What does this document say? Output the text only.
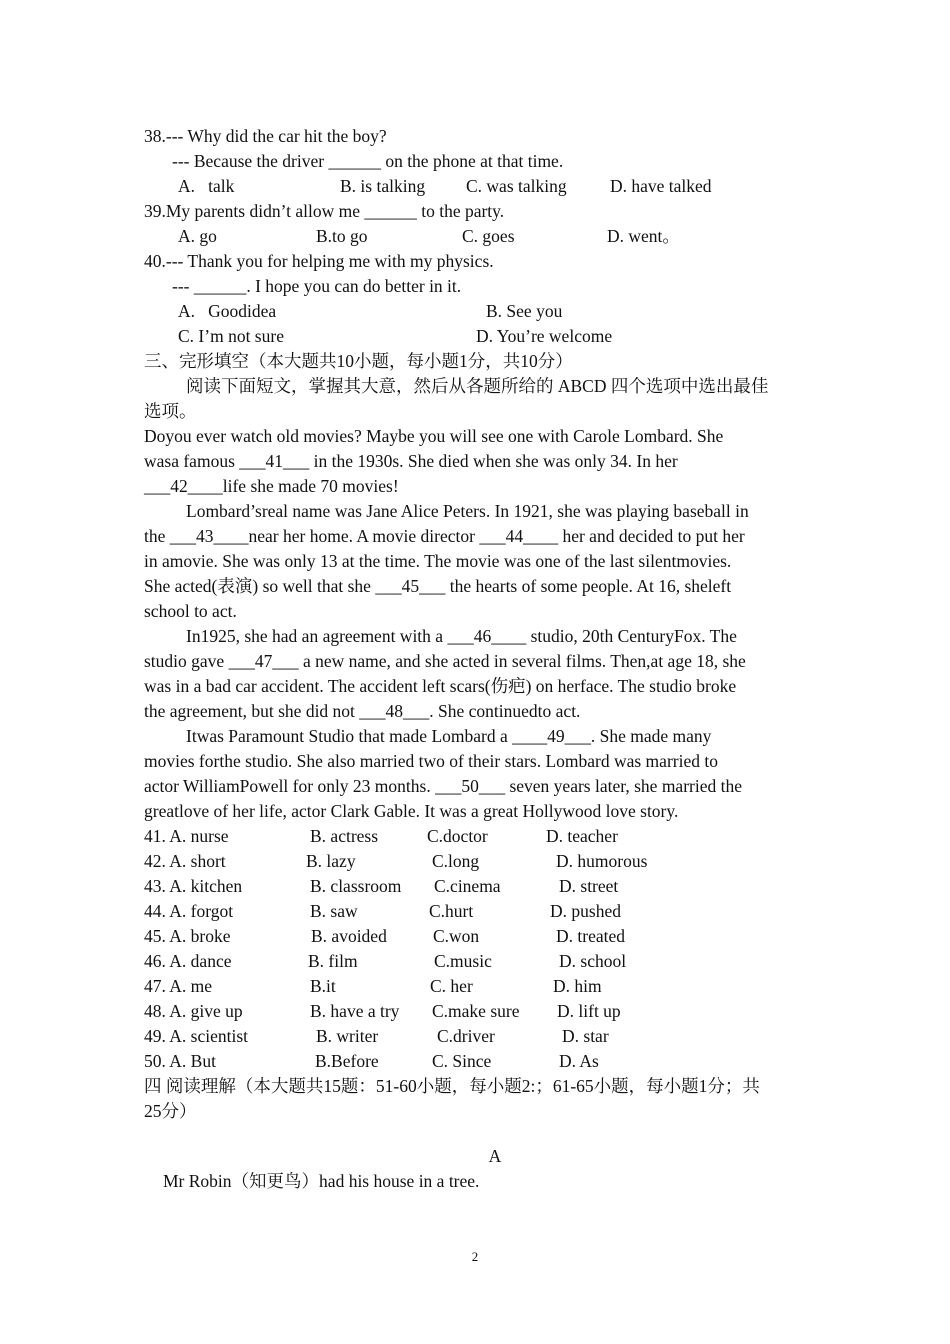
38.--- Why did the car hit the boy?
--- Because the driver ______ on the phone at that time.
A.   talk	B. is talking C. was talking D. have talked
39.My parents didn’t allow me ______ to the party.
A. go	B.to go	C. goes	D. went。
40.--- Thank you for helping me with my physics.
--- ______. I hope you can do better in it.
A.   Goodidea	B. See you
C. I’m not sure	D. You’re welcome
三、完形填空（本大题共10小题，每小题1分，共10分）
阅读下面短文，掌握其大意，然后从各题所给的 ABCD 四个选项中选出最佳
选项。
Doyou ever watch old movies? Maybe you will see one with Carole Lombard. She
wasa famous ___41___ in the 1930s. She died when she was only 34. In her
___42____life she made 70 movies!
Lombard’sreal name was Jane Alice Peters. In 1921, she was playing baseball in
the ___43____near her home. A movie director ___44____ her and decided to put her
in amovie. She was only 13 at the time. The movie was one of the last silentmovies.
She acted(表演) so well that she ___45___ the hearts of some people. At 16, sheleft
school to act.
In1925, she had an agreement with a ___46____ studio, 20th CenturyFox. The
studio gave ___47___ a new name, and she acted in several films. Then,at age 18, she
was in a bad car accident. The accident left scars(伤疤) on herface. The studio broke
the agreement, but she did not ___48___. She continuedto act.
Itwas Paramount Studio that made Lombard a ____49___. She made many
movies forthe studio. She also married two of their stars. Lombard was married to
actor WilliamPowell for only 23 months. ___50___ seven years later, she married the
greatlove of her life, actor Clark Gable. It was a great Hollywood love story.
41. A. nurse	B. actress	C.doctor	D. teacher
42. A. short	B. lazy	C.long	D. humorous
43. A. kitchen	B. classroom C.cinema	D. street
44. A. forgot	B. saw	C.hurt	D. pushed
45. A. broke	B. avoided	C.won	D. treated
46. A. dance	B. film	C.music	D. school
47. A. me	B.it	C. her	D. him
48. A. give up	B. have a try C.make sure D. lift up
49. A. scientist	B. writer	C.driver	D. star
50. A. But	B.Before	C. Since	D. As
四 阅读理解（本大题共15题：51-60小题，每小题2:；61-65小题，每小题1分；共
25分）
A
Mr Robin（知更鸟）had his house in a tree.
2
